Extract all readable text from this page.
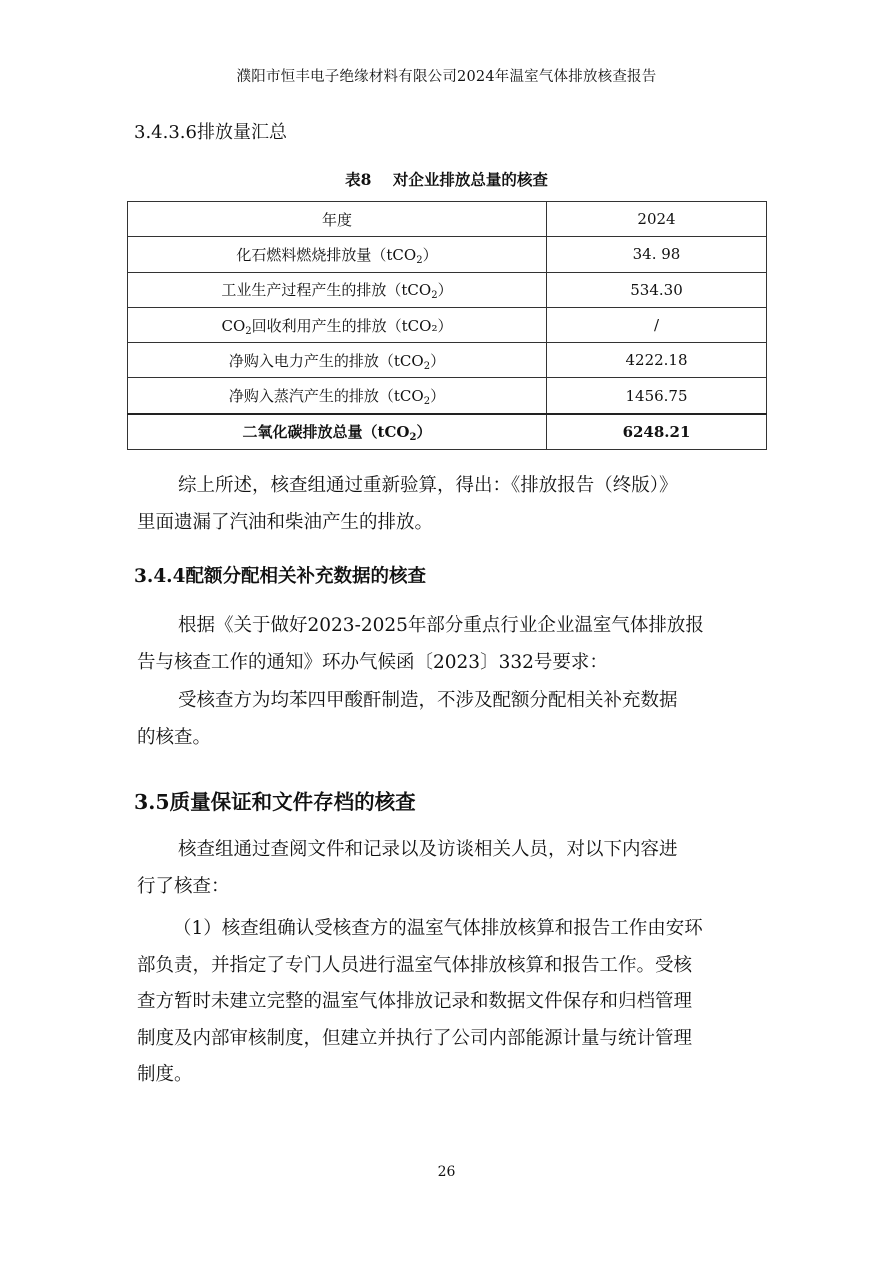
濮阳市恒丰电子绝缘材料有限公司2024年温室气体排放核查报告
3.4.3.6排放量汇总
表8    对企业排放总量的核查
年度	2024
化石燃料燃烧排放量（tCO$_2$）	34. 98
工业生产过程产生的排放（tCO$_2$）	534.30
$CO_2$回收利用产生的排放（tCO₂）	/
净购入电力产生的排放（tCO$_2$）	4222.18
净购入蒸汽产生的排放（tCO$_2$）	1456.75
二氧化碳排放总量（tCO$_2$）	6248.21
综上所述，核查组通过重新验算，得出：《排放报告（终版）》
里面遗漏了汽油和柴油产生的排放。
3.4.4配额分配相关补充数据的核查
根据《关于做好2023-2025年部分重点行业企业温室气体排放报
告与核查工作的通知》环办气候函〔2023〕332号要求：
受核查方为均苯四甲酸酐制造，不涉及配额分配相关补充数据
的核查。
3.5质量保证和文件存档的核查
核查组通过查阅文件和记录以及访谈相关人员，对以下内容进
行了核查：
（1）核查组确认受核查方的温室气体排放核算和报告工作由安环
部负责，并指定了专门人员进行温室气体排放核算和报告工作。受核
查方暂时未建立完整的温室气体排放记录和数据文件保存和归档管理
制度及内部审核制度，但建立并执行了公司内部能源计量与统计管理
制度。
26
